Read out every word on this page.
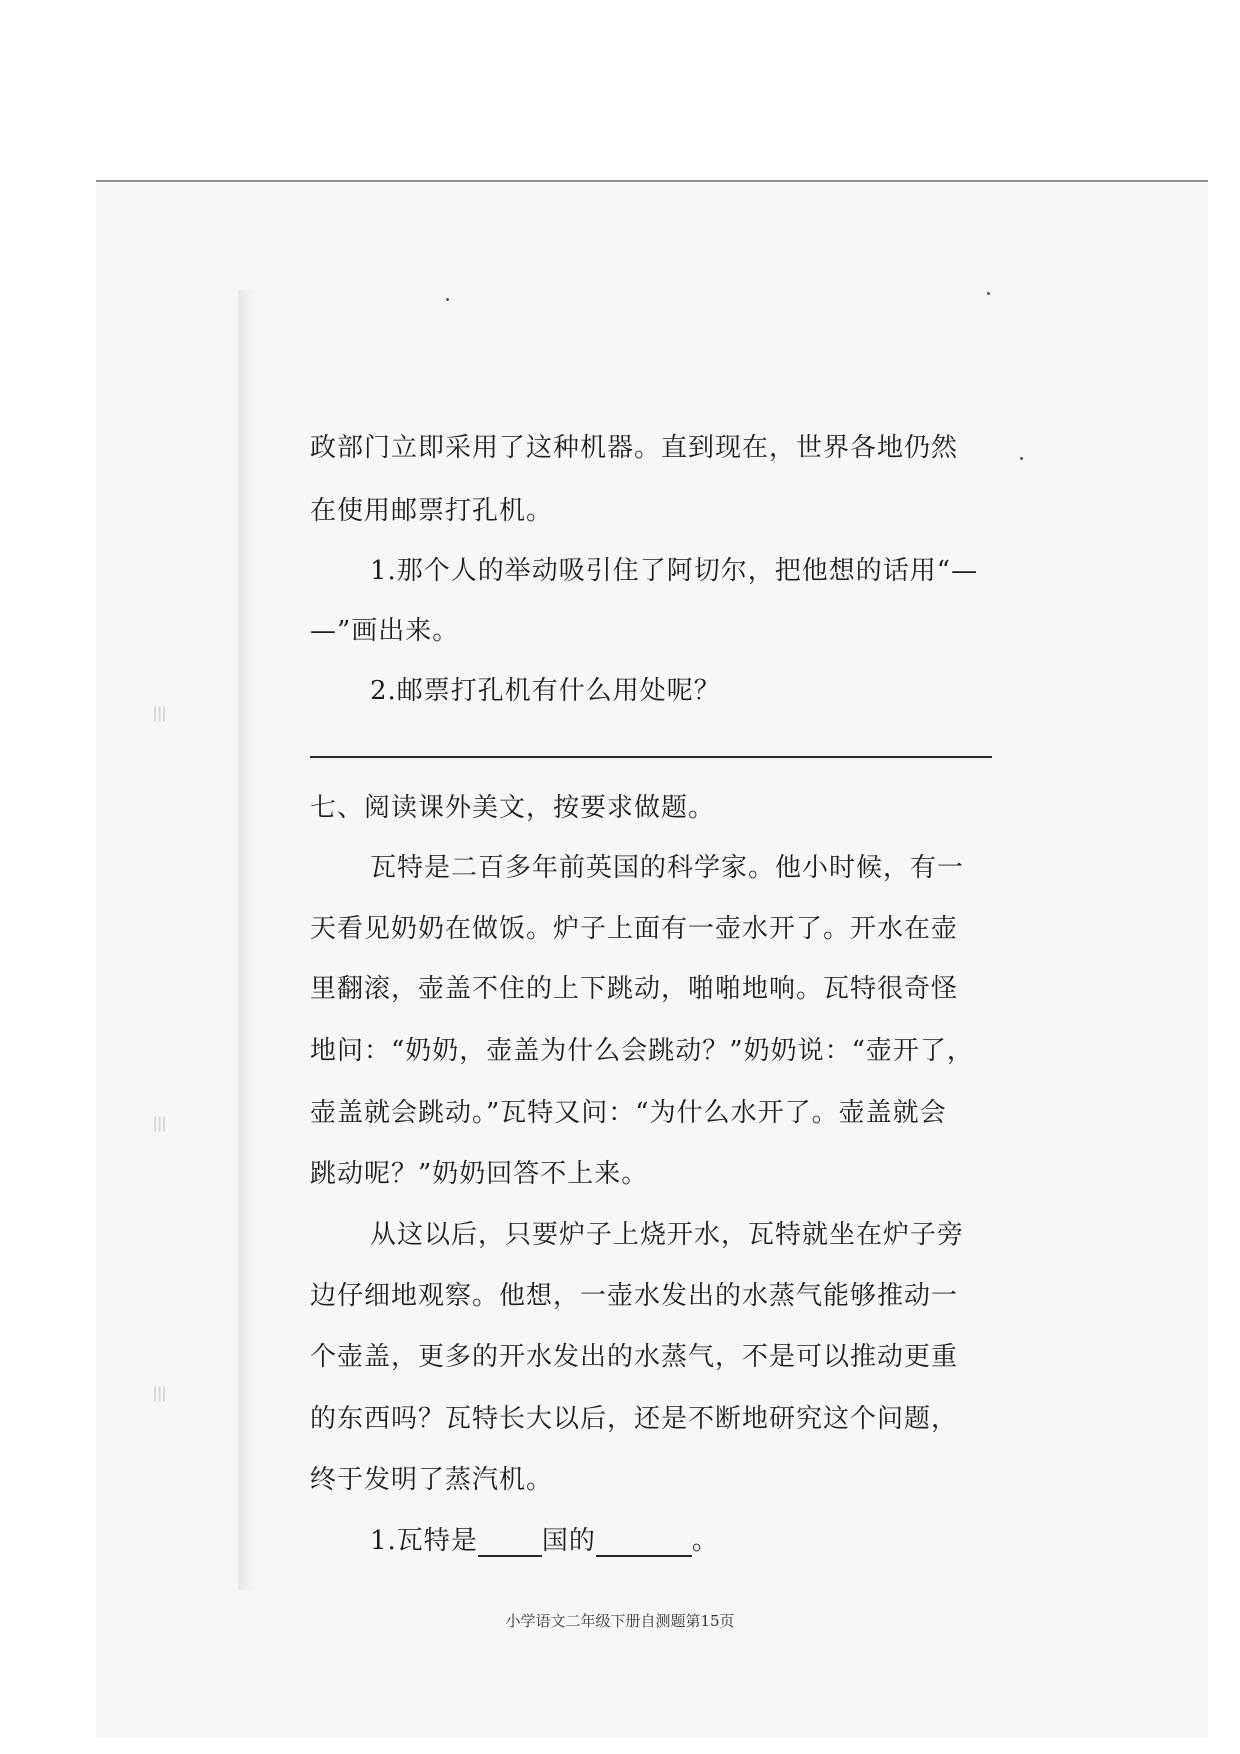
≡
≡
≡
政部门立即采用了这种机器。直到现在，世界各地仍然
在使用邮票打孔机。
1.那个人的举动吸引住了阿切尔，把他想的话用“—
—”画出来。
2.邮票打孔机有什么用处呢？
七、阅读课外美文，按要求做题。
瓦特是二百多年前英国的科学家。他小时候，有一
天看见奶奶在做饭。炉子上面有一壶水开了。开水在壶
里翻滚，壶盖不住的上下跳动，啪啪地响。瓦特很奇怪
地问：“奶奶，壶盖为什么会跳动？”奶奶说：“壶开了，
壶盖就会跳动。”瓦特又问：“为什么水开了。壶盖就会
跳动呢？”奶奶回答不上来。
从这以后，只要炉子上烧开水，瓦特就坐在炉子旁
边仔细地观察。他想，一壶水发出的水蒸气能够推动一
个壶盖，更多的开水发出的水蒸气，不是可以推动更重
的东西吗？瓦特长大以后，还是不断地研究这个问题，
终于发明了蒸汽机。
1.瓦特是 国的	。
小学语文二年级下册自测题第15页
